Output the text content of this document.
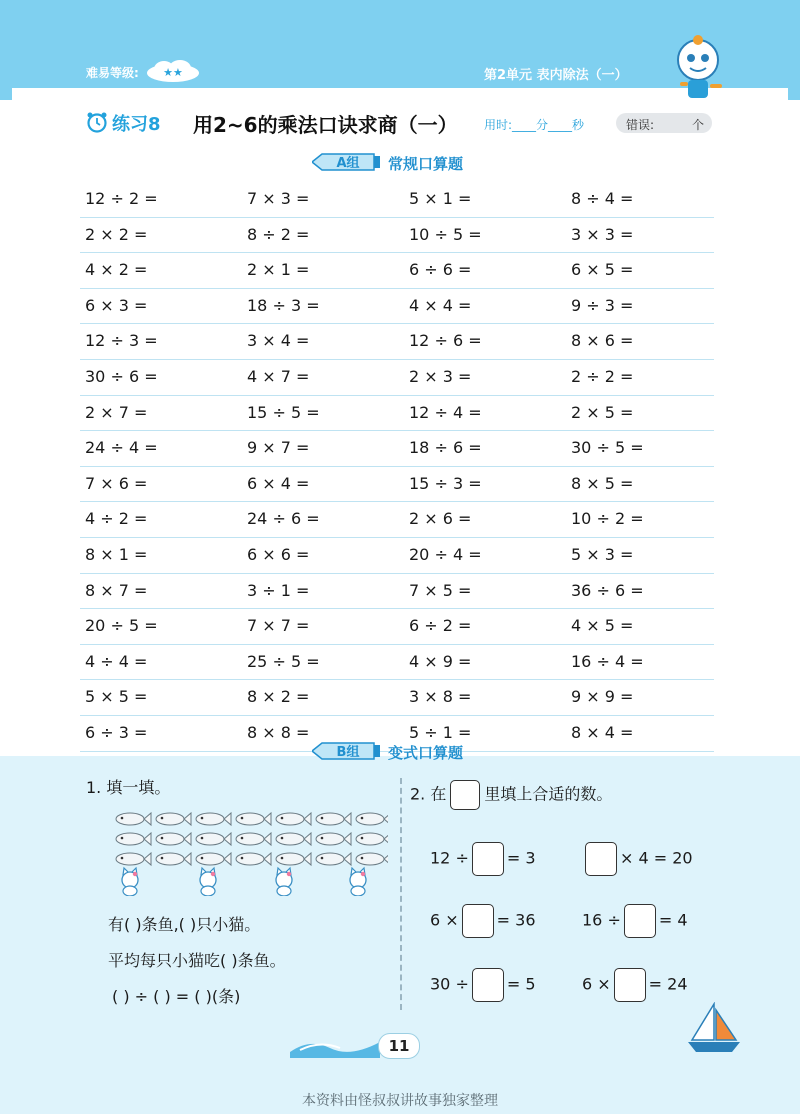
难易等级: ★★	第2单元 表内除法（一）
练习8 用2~6的乘法口诀求商（一） 用时:____分____秒	错误:	个
A组 常规口算题
12 ÷ 2 =	7 × 3 =	5 × 1 =	8 ÷ 4 =
2 × 2 =	8 ÷ 2 =	10 ÷ 5 =	3 × 3 =
4 × 2 =	2 × 1 =	6 ÷ 6 =	6 × 5 =
6 × 3 =	18 ÷ 3 =	4 × 4 =	9 ÷ 3 =
12 ÷ 3 =	3 × 4 =	12 ÷ 6 =	8 × 6 =
30 ÷ 6 =	4 × 7 =	2 × 3 =	2 ÷ 2 =
2 × 7 =	15 ÷ 5 =	12 ÷ 4 =	2 × 5 =
24 ÷ 4 =	9 × 7 =	18 ÷ 6 =	30 ÷ 5 =
7 × 6 =	6 × 4 =	15 ÷ 3 =	8 × 5 =
4 ÷ 2 =	24 ÷ 6 =	2 × 6 =	10 ÷ 2 =
8 × 1 =	6 × 6 =	20 ÷ 4 =	5 × 3 =
8 × 7 =	3 ÷ 1 =	7 × 5 =	36 ÷ 6 =
20 ÷ 5 =	7 × 7 =	6 ÷ 2 =	4 × 5 =
4 ÷ 4 =	25 ÷ 5 =	4 × 9 =	16 ÷ 4 =
5 × 5 =	8 × 2 =	3 × 8 =	9 × 9 =
6 ÷ 3 =	8 × 8 =	5 ÷ 1 =	8 × 4 =
B组 变式口算题
1. 填一填。
有( )条鱼,( )只小猫。
平均每只小猫吃( )条鱼。
( ) ÷ ( ) = ( )(条)
2. 在 里填上合适的数。
12 ÷ = 3	× 4 = 20
6 × = 36	16 ÷ = 4
30 ÷ = 5	6 × = 24
11
本资料由怪叔叔讲故事独家整理
